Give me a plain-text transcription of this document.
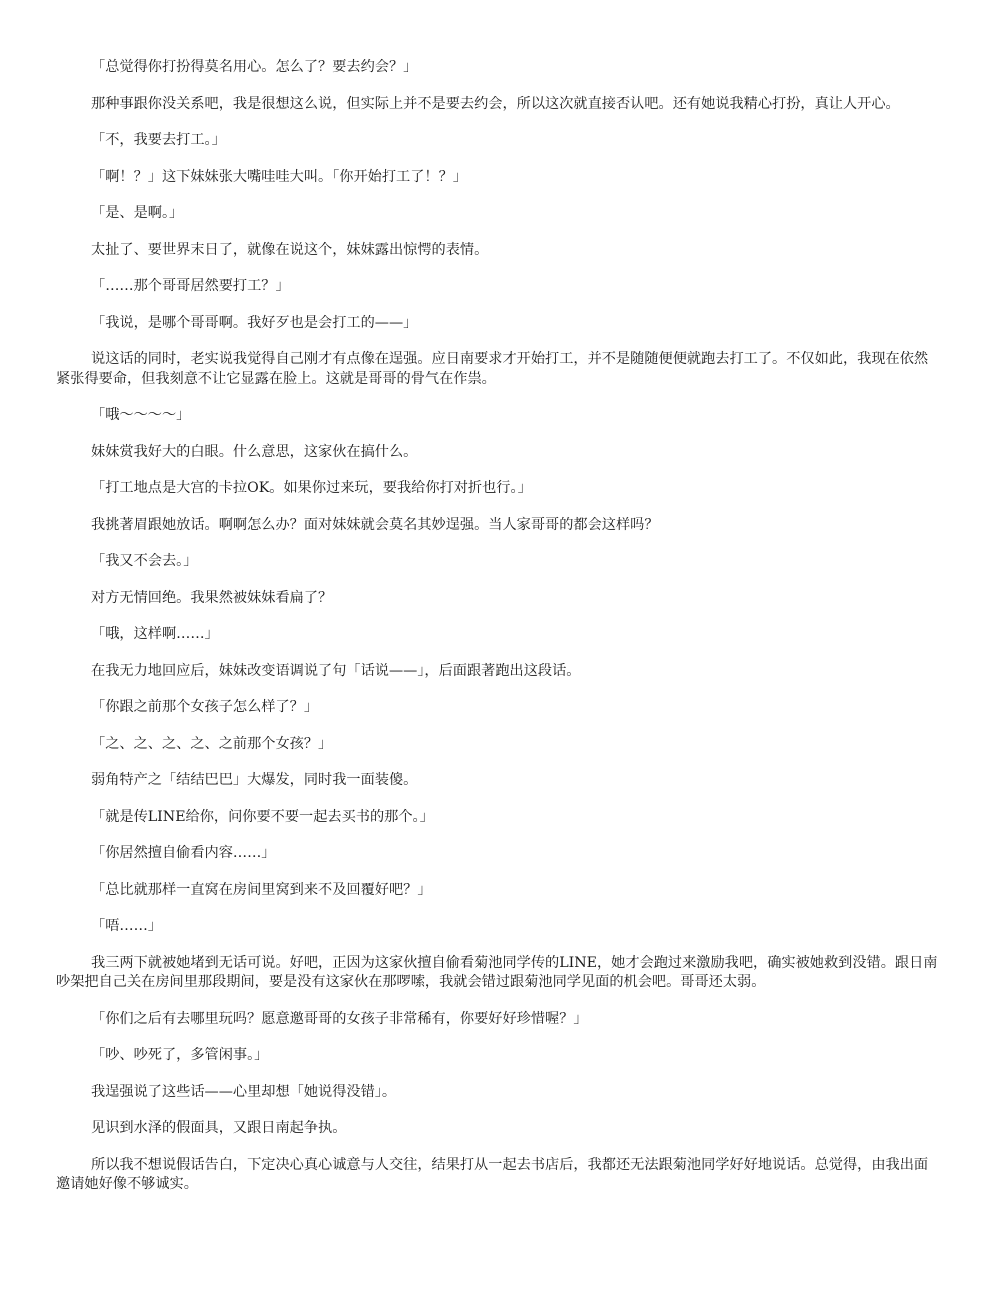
「总觉得你打扮得莫名用心。怎么了？要去约会？」

那种事跟你没关系吧，我是很想这么说，但实际上并不是要去约会，所以这次就直接否认吧。还有她说我精心打扮，真让人开心。

「不，我要去打工。」

「啊！？」这下妹妹张大嘴哇哇大叫。「你开始打工了！？」

「是、是啊。」

太扯了、要世界末日了，就像在说这个，妹妹露出惊愕的表情。

「……那个哥哥居然要打工？」

「我说，是哪个哥哥啊。我好歹也是会打工的——」

说这话的同时，老实说我觉得自己刚才有点像在逞强。应日南要求才开始打工，并不是随随便便就跑去打工了。不仅如此，我现在依然紧张得要命，但我刻意不让它显露在脸上。这就是哥哥的骨气在作祟。

「哦～～～～」

妹妹赏我好大的白眼。什么意思，这家伙在搞什么。

「打工地点是大宫的卡拉OK。如果你过来玩，要我给你打对折也行。」

我挑著眉跟她放话。啊啊怎么办？面对妹妹就会莫名其妙逞强。当人家哥哥的都会这样吗？

「我又不会去。」

对方无情回绝。我果然被妹妹看扁了？

「哦，这样啊……」

在我无力地回应后，妹妹改变语调说了句「话说——」，后面跟著跑出这段话。

「你跟之前那个女孩子怎么样了？」

「之、之、之、之、之前那个女孩？」

弱角特产之「结结巴巴」大爆发，同时我一面装傻。

「就是传LINE给你，问你要不要一起去买书的那个。」

「你居然擅自偷看内容……」

「总比就那样一直窝在房间里窝到来不及回覆好吧？」

「唔……」

我三两下就被她堵到无话可说。好吧，正因为这家伙擅自偷看菊池同学传的LINE，她才会跑过来激励我吧，确实被她救到没错。跟日南吵架把自己关在房间里那段期间，要是没有这家伙在那啰嗦，我就会错过跟菊池同学见面的机会吧。哥哥还太弱。

「你们之后有去哪里玩吗？愿意邀哥哥的女孩子非常稀有，你要好好珍惜喔？」

「吵、吵死了，多管闲事。」

我逞强说了这些话——心里却想「她说得没错」。

见识到水泽的假面具，又跟日南起争执。

所以我不想说假话告白，下定决心真心诚意与人交往，结果打从一起去书店后，我都还无法跟菊池同学好好地说话。总觉得，由我出面邀请她好像不够诚实。
